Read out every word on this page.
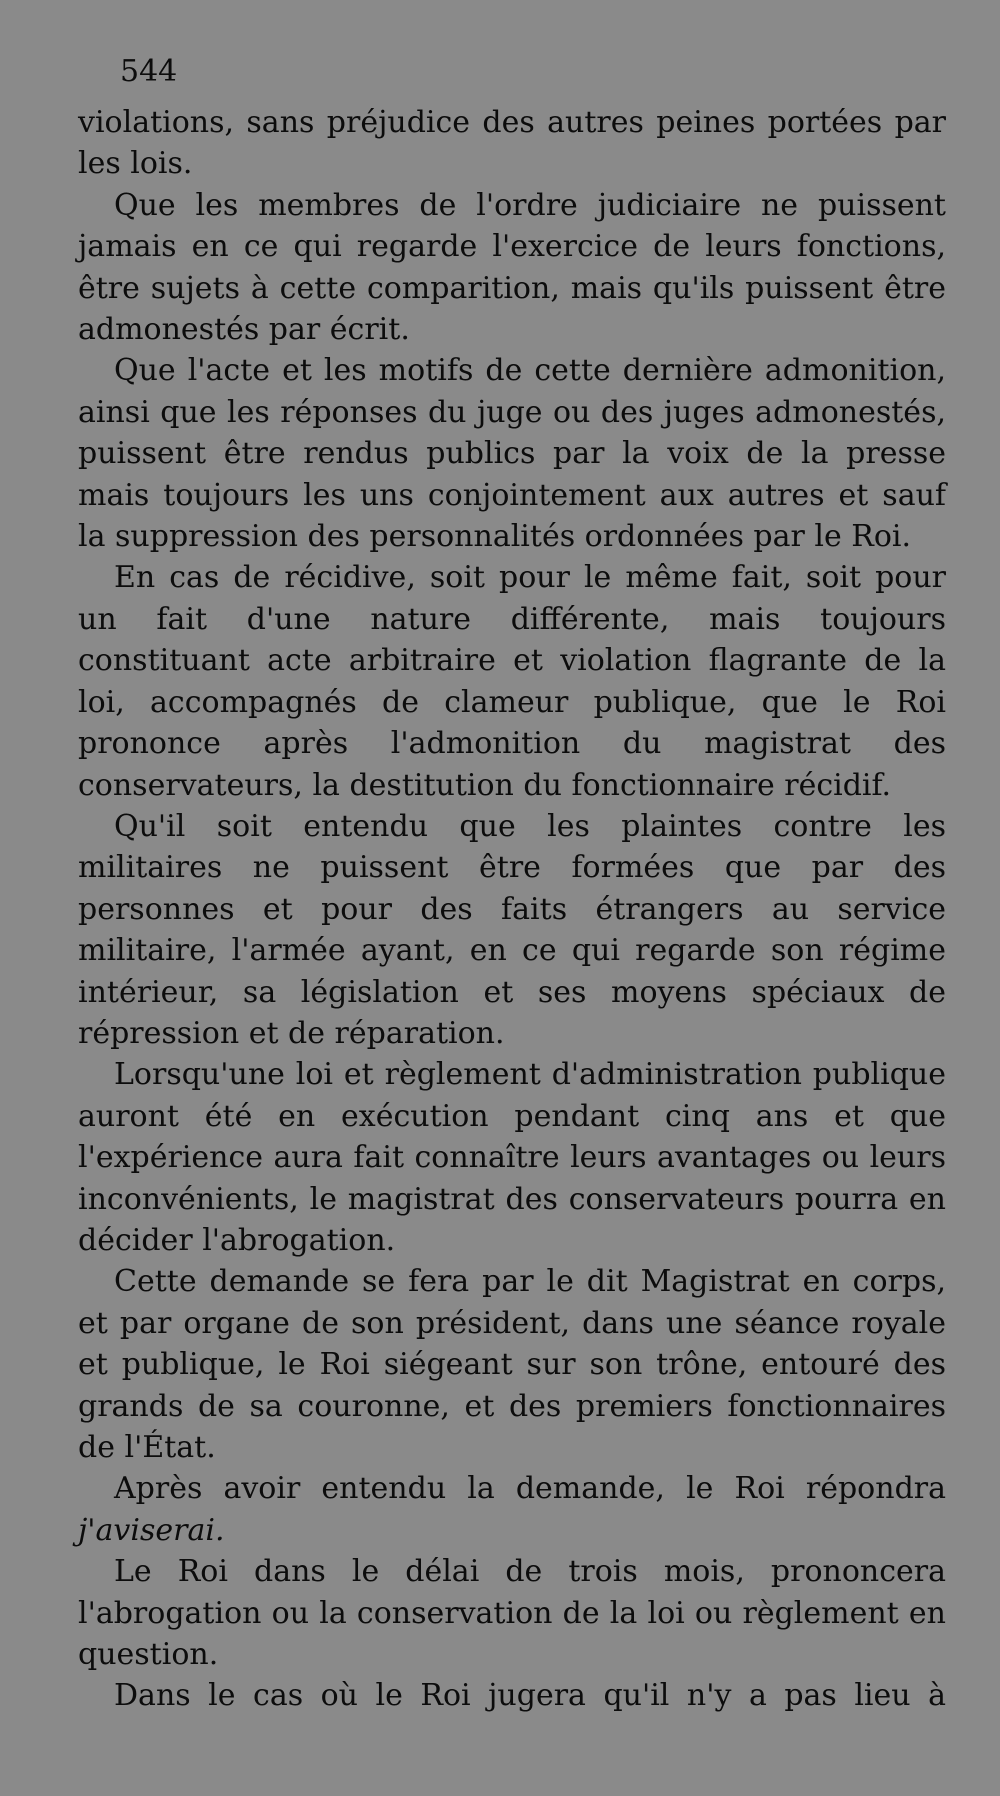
544

violations, sans préjudice des autres peines portées par les lois.

Que les membres de l'ordre judiciaire ne puissent jamais en ce qui regarde l'exercice de leurs fonctions, être sujets à cette comparition, mais qu'ils puissent être admonestés par écrit.

Que l'acte et les motifs de cette dernière admonition, ainsi que les réponses du juge ou des juges admonestés, puissent être rendus publics par la voix de la presse mais toujours les uns conjointement aux autres et sauf la suppression des personnalités ordonnées par le Roi.

En cas de récidive, soit pour le même fait, soit pour un fait d'une nature différente, mais toujours constituant acte arbitraire et violation flagrante de la loi, accompagnés de clameur publique, que le Roi prononce après l'admonition du magistrat des conservateurs, la destitution du fonctionnaire récidif.

Qu'il soit entendu que les plaintes contre les militaires ne puissent être formées que par des personnes et pour des faits étrangers au service militaire, l'armée ayant, en ce qui regarde son régime intérieur, sa législation et ses moyens spéciaux de répression et de réparation.

Lorsqu'une loi et règlement d'administration publique auront été en exécution pendant cinq ans et que l'expérience aura fait connaître leurs avantages ou leurs inconvénients, le magistrat des conservateurs pourra en décider l'abrogation.

Cette demande se fera par le dit Magistrat en corps, et par organe de son président, dans une séance royale et publique, le Roi siégeant sur son trône, entouré des grands de sa couronne, et des premiers fonctionnaires de l'État.

Après avoir entendu la demande, le Roi répondra j'aviserai.

Le Roi dans le délai de trois mois, prononcera l'abrogation ou la conservation de la loi ou règlement en question.

Dans le cas où le Roi jugera qu'il n'y a pas lieu à
